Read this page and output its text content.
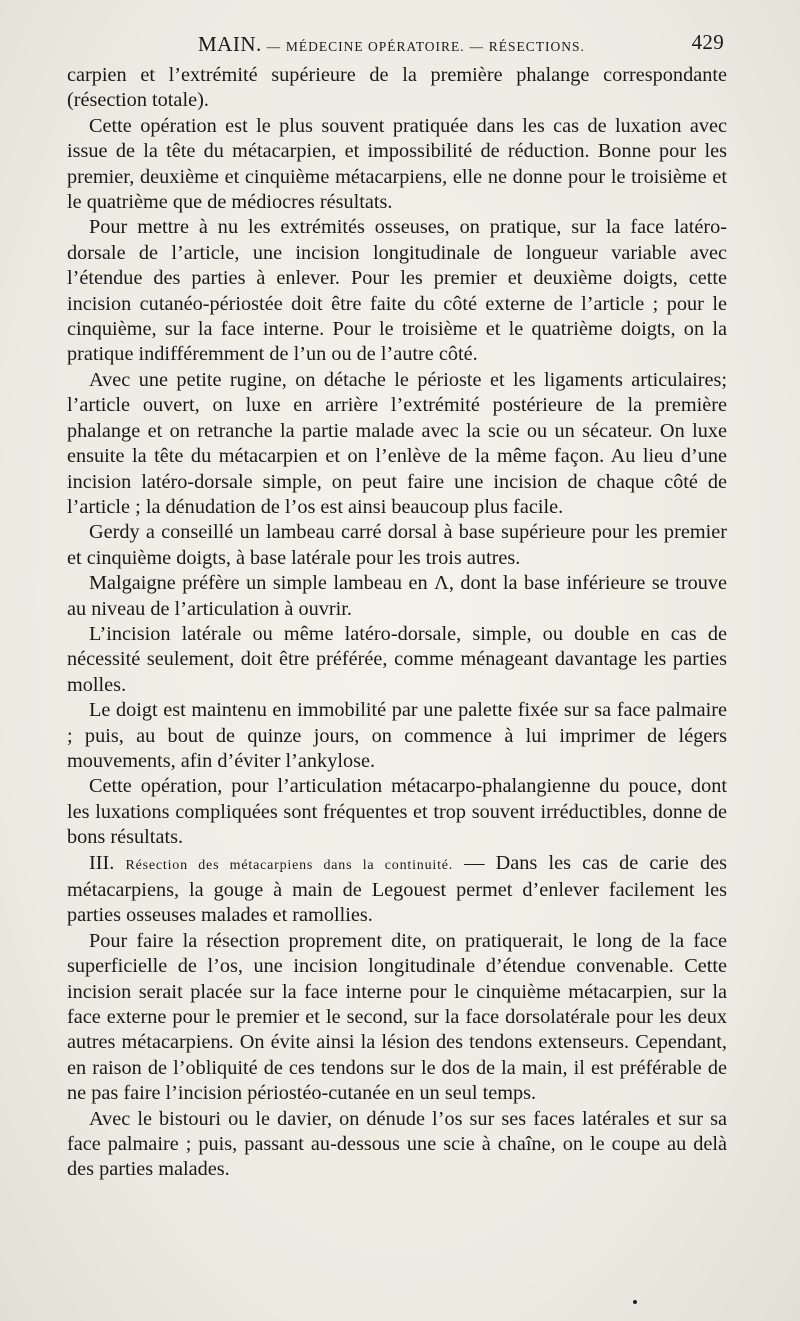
MAIN. — MÉDECINE OPÉRATOIRE. — RÉSECTIONS.	429

carpien et l’extrémité supérieure de la première phalange correspondante (résection totale).

Cette opération est le plus souvent pratiquée dans les cas de luxation avec issue de la tête du métacarpien, et impossibilité de réduction. Bonne pour les premier, deuxième et cinquième métacarpiens, elle ne donne pour le troisième et le quatrième que de médiocres résultats.

Pour mettre à nu les extrémités osseuses, on pratique, sur la face latéro-dorsale de l’article, une incision longitudinale de longueur variable avec l’étendue des parties à enlever. Pour les premier et deuxième doigts, cette incision cutanéo-périostée doit être faite du côté externe de l’article ; pour le cinquième, sur la face interne. Pour le troisième et le quatrième doigts, on la pratique indifféremment de l’un ou de l’autre côté.

Avec une petite rugine, on détache le périoste et les ligaments articulaires; l’article ouvert, on luxe en arrière l’extrémité postérieure de la première phalange et on retranche la partie malade avec la scie ou un sécateur. On luxe ensuite la tête du métacarpien et on l’enlève de la même façon. Au lieu d’une incision latéro-dorsale simple, on peut faire une incision de chaque côté de l’article ; la dénudation de l’os est ainsi beaucoup plus facile.

Gerdy a conseillé un lambeau carré dorsal à base supérieure pour les premier et cinquième doigts, à base latérale pour les trois autres.

Malgaigne préfère un simple lambeau en Λ, dont la base inférieure se trouve au niveau de l’articulation à ouvrir.

L’incision latérale ou même latéro-dorsale, simple, ou double en cas de nécessité seulement, doit être préférée, comme ménageant davantage les parties molles.

Le doigt est maintenu en immobilité par une palette fixée sur sa face palmaire ; puis, au bout de quinze jours, on commence à lui imprimer de légers mouvements, afin d’éviter l’ankylose.

Cette opération, pour l’articulation métacarpo-phalangienne du pouce, dont les luxations compliquées sont fréquentes et trop souvent irréductibles, donne de bons résultats.

III. Résection des métacarpiens dans la continuité. — Dans les cas de carie des métacarpiens, la gouge à main de Legouest permet d’enlever facilement les parties osseuses malades et ramollies.

Pour faire la résection proprement dite, on pratiquerait, le long de la face superficielle de l’os, une incision longitudinale d’étendue convenable. Cette incision serait placée sur la face interne pour le cinquième métacarpien, sur la face externe pour le premier et le second, sur la face dorsolatérale pour les deux autres métacarpiens. On évite ainsi la lésion des tendons extenseurs. Cependant, en raison de l’obliquité de ces tendons sur le dos de la main, il est préférable de ne pas faire l’incision périostéo-cutanée en un seul temps.

Avec le bistouri ou le davier, on dénude l’os sur ses faces latérales et sur sa face palmaire ; puis, passant au-dessous une scie à chaîne, on le coupe au delà des parties malades.
